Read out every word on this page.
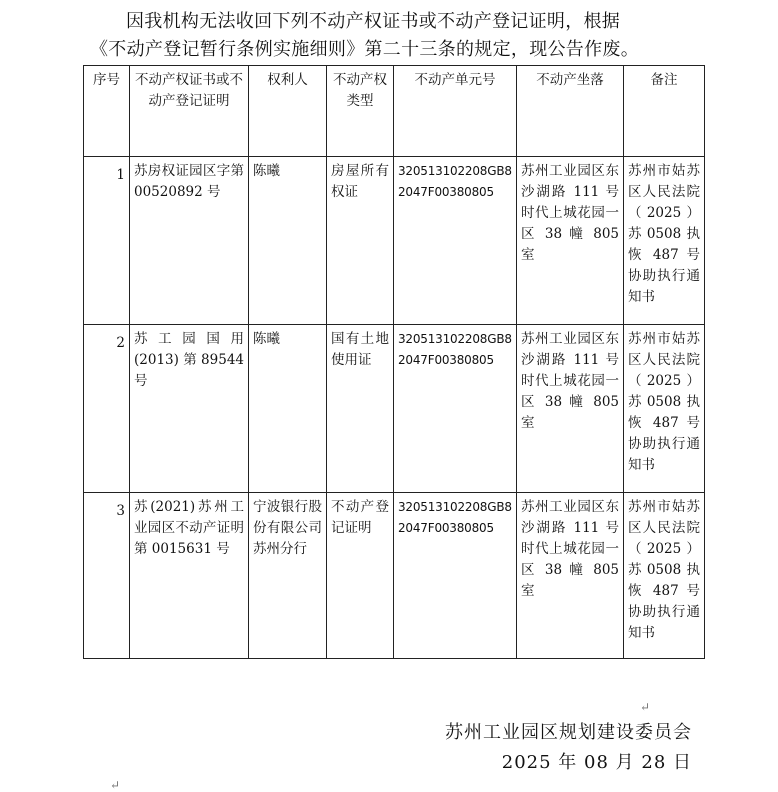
因我机构无法收回下列不动产权证书或不动产登记证明，根据
《不动产登记暂行条例实施细则》第二十三条的规定，现公告作废。
序号	不动产权证书或不动产登记证明	权利人	不动产权类型	不动产单元号	不动产坐落	备注
1	苏房权证园区字第 00520892 号	陈曦	房屋所有权证	320513102208GB82047F00380805	苏州工业园区东沙湖路 111 号时代上城花园一区 38 幢 805 室	苏州市姑苏区人民法院（2025）苏0508执恢 487 号协助执行通知书
2	苏工园国用(2013) 第 89544 号	陈曦	国有土地使用证	320513102208GB82047F00380805	苏州工业园区东沙湖路 111 号时代上城花园一区 38 幢 805 室	苏州市姑苏区人民法院（2025）苏0508执恢 487 号协助执行通知书
3	苏(2021)苏州工业园区不动产证明第 0015631 号	宁波银行股份有限公司苏州分行	不动产登记证明	320513102208GB82047F00380805	苏州工业园区东沙湖路 111 号时代上城花园一区 38 幢 805 室	苏州市姑苏区人民法院（2025）苏0508执恢 487 号协助执行通知书
苏州工业园区规划建设委员会
2025 年 08 月 28 日
↵
↵
